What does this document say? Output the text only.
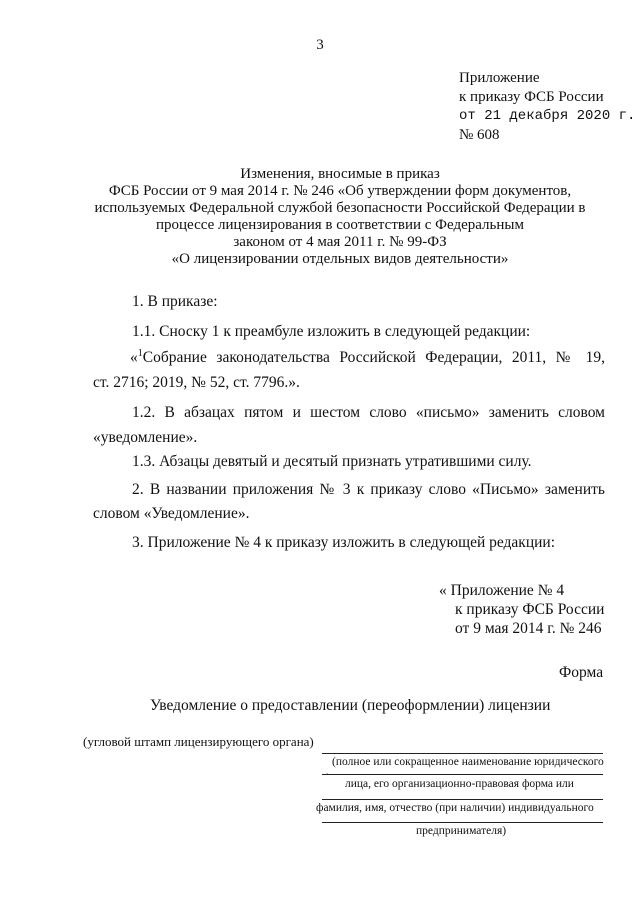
3
Приложение
к приказу ФСБ России
от 21 декабря 2020 г.
№ 608
Изменения, вносимые в приказ
ФСБ России от 9 мая 2014 г. № 246 «Об утверждении форм документов,
используемых Федеральной службой безопасности Российской Федерации в
процессе лицензирования в соответствии с Федеральным
законом от 4 мая 2011 г. № 99-ФЗ
«О лицензировании отдельных видов деятельности»
1. В приказе:
1.1. Сноску 1 к преамбуле изложить в следующей редакции:
«$^1$Собрание законодательства Российской Федерации, 2011, № 19,
ст. 2716; 2019, № 52, ст. 7796.».
1.2. В абзацах пятом и шестом слово «письмо» заменить словом
«уведомление».
1.3. Абзацы девятый и десятый признать утратившими силу.
2. В названии приложения № 3 к приказу слово «Письмо» заменить
словом «Уведомление».
3. Приложение № 4 к приказу изложить в следующей редакции:
« Приложение № 4
к приказу ФСБ России
от 9 мая 2014 г. № 246
Форма
Уведомление о предоставлении (переоформлении) лицензии
(угловой штамп лицензирующего органа)
(полное или сокращенное наименование юридического
` лица, его организационно-правовая форма или
фамилия, имя, отчество (при наличии) индивидуального
предпринимателя)
